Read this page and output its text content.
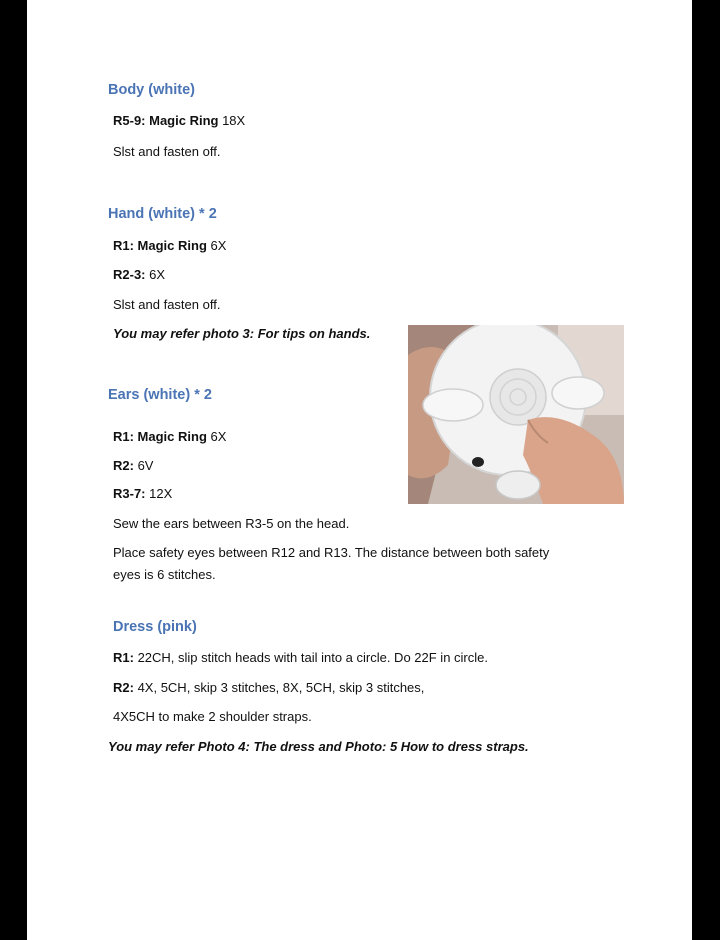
Body (white)
R5-9: Magic Ring 18X
Slst and fasten off.
Hand (white) * 2
R1: Magic Ring 6X
R2-3: 6X
Slst and fasten off.
You may refer photo 3: For tips on hands.
Ears (white) * 2
R1: Magic Ring 6X
R2: 6V
R3-7: 12X
Sew the ears between R3-5 on the head.
Place safety eyes between R12 and R13. The distance between both safety
eyes is 6 stitches.
Dress (pink)
R1: 22CH, slip stitch heads with tail into a circle. Do 22F in circle.
R2: 4X, 5CH, skip 3 stitches, 8X, 5CH, skip 3 stitches,
4X5CH to make 2 shoulder straps.
You may refer Photo 4: The dress and Photo: 5 How to dress straps.
